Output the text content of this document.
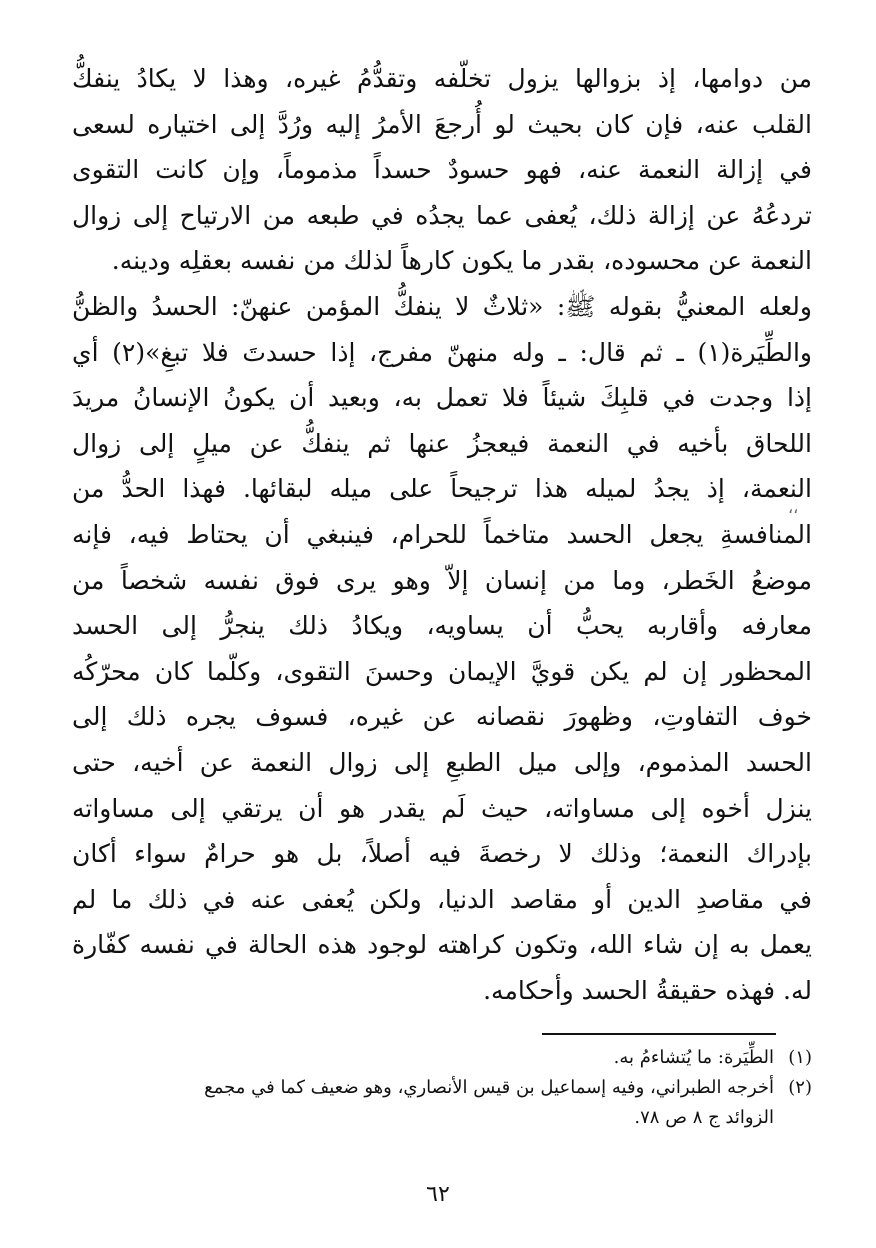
من دوامها، إذ بزوالها يزول تخلّفه وتقدُّمُ غيره، وهذا لا يكادُ ينفكُّ
القلب عنه، فإن كان بحيث لو أُرجعَ الأمرُ إليه ورُدَّ إلى اختياره لسعى
في إزالة النعمة عنه، فهو حسودٌ حسداً مذموماً، وإن كانت التقوى
تردعُهُ عن إزالة ذلك، يُعفى عما يجدُه في طبعه من الارتياح إلى زوال
النعمة عن محسوده، بقدر ما يكون كارهاً لذلك من نفسه بعقلِه ودينه.
ولعله المعنيُّ بقوله ﷺ: «ثلاثٌ لا ينفكُّ المؤمن عنهنّ: الحسدُ والظنُّ
والطِّيَرة(١) ـ ثم قال: ـ وله منهنّ مفرج، إذا حسدتَ فلا تبغِ»(٢) أي
إذا وجدت في قلبِكَ شيئاً فلا تعمل به، وبعيد أن يكونُ الإنسانُ مريدَ
اللحاق بأخيه في النعمة فيعجزُ عنها ثم ينفكُّ عن ميلٍ إلى زوال
النعمة، إذ يجدُ لميله هذا ترجيحاً على ميله لبقائها. فهذا الحدُّ من
المنافسةِ يجعل الحسد متاخماً للحرام، فينبغي أن يحتاط فيه، فإنه
موضعُ الخَطر، وما من إنسان إلاّ وهو يرى فوق نفسه شخصاً من
معارفه وأقاربه يحبُّ أن يساويه، ويكادُ ذلك ينجرُّ إلى الحسد
المحظور إن لم يكن قويَّ الإيمان وحسنَ التقوى، وكلّما كان محرّكُه
خوف التفاوتِ، وظهورَ نقصانه عن غيره، فسوف يجره ذلك إلى
الحسد المذموم، وإلى ميل الطبعِ إلى زوال النعمة عن أخيه، حتى
ينزل أخوه إلى مساواته، حيث لَم يقدر هو أن يرتقي إلى مساواته
بإدراك النعمة؛ وذلك لا رخصةَ فيه أصلاً، بل هو حرامٌ سواء أكان
في مقاصدِ الدين أو مقاصد الدنيا، ولكن يُعفى عنه في ذلك ما لم
يعمل به إن شاء الله، وتكون كراهته لوجود هذه الحالة في نفسه كفّارة
له. فهذه حقيقةُ الحسد وأحكامه.
،،
(١)الطِّيَرة: ما يُتشاءمُ به.
(٢)أخرجه الطبراني، وفيه إسماعيل بن قيس الأنصاري، وهو ضعيف كما في مجمع
الزوائد ج ٨ ص ٧٨.
٦٢
